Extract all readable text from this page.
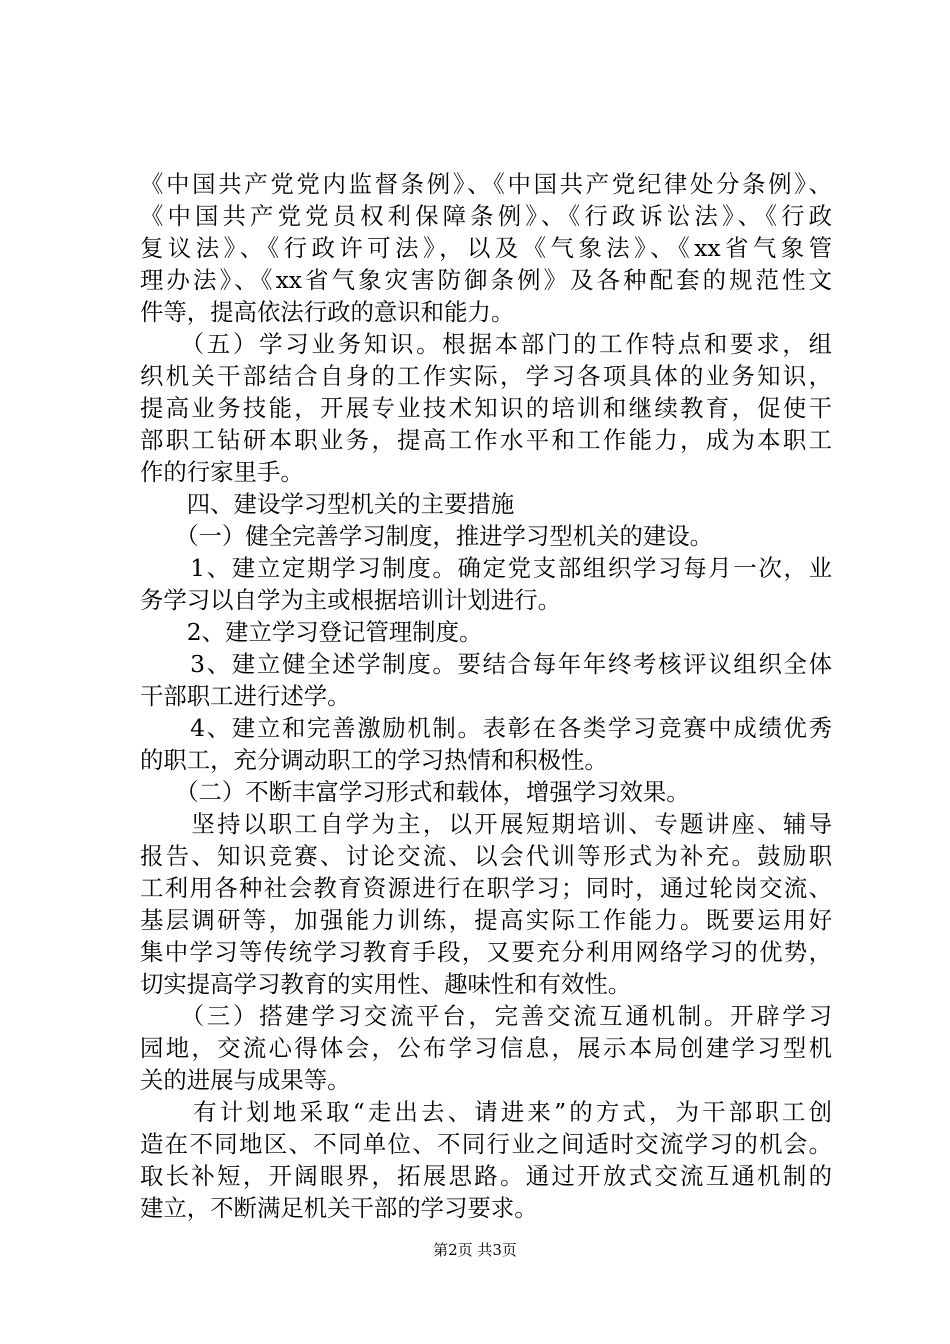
《中国共产党党内监督条例》、《中国共产党纪律处分条例》、
《中国共产党党员权利保障条例》、《行政诉讼法》、《行政
复议法》、《行政许可法》，以及《气象法》、《xx省气象管
理办法》、《xx省气象灾害防御条例》及各种配套的规范性文
件等，提高依法行政的意识和能力。
　　（五）学习业务知识。根据本部门的工作特点和要求，组
织机关干部结合自身的工作实际，学习各项具体的业务知识，
提高业务技能，开展专业技术知识的培训和继续教育，促使干
部职工钻研本职业务，提高工作水平和工作能力，成为本职工
作的行家里手。
　　四、建设学习型机关的主要措施
　　（一）健全完善学习制度，推进学习型机关的建设。
　　1、建立定期学习制度。确定党支部组织学习每月一次，业
务学习以自学为主或根据培训计划进行。
　　2、建立学习登记管理制度。
　　3、建立健全述学制度。要结合每年年终考核评议组织全体
干部职工进行述学。
　　4、建立和完善激励机制。表彰在各类学习竞赛中成绩优秀
的职工，充分调动职工的学习热情和积极性。
　　（二）不断丰富学习形式和载体，增强学习效果。
　　坚持以职工自学为主，以开展短期培训、专题讲座、辅导
报告、知识竞赛、讨论交流、以会代训等形式为补充。鼓励职
工利用各种社会教育资源进行在职学习；同时，通过轮岗交流、
基层调研等，加强能力训练，提高实际工作能力。既要运用好
集中学习等传统学习教育手段，又要充分利用网络学习的优势，
切实提高学习教育的实用性、趣味性和有效性。
　　（三）搭建学习交流平台，完善交流互通机制。开辟学习
园地，交流心得体会，公布学习信息，展示本局创建学习型机
关的进展与成果等。
　　有计划地采取“走出去、请进来”的方式，为干部职工创
造在不同地区、不同单位、不同行业之间适时交流学习的机会。
取长补短，开阔眼界，拓展思路。通过开放式交流互通机制的
建立，不断满足机关干部的学习要求。
第2页 共3页
